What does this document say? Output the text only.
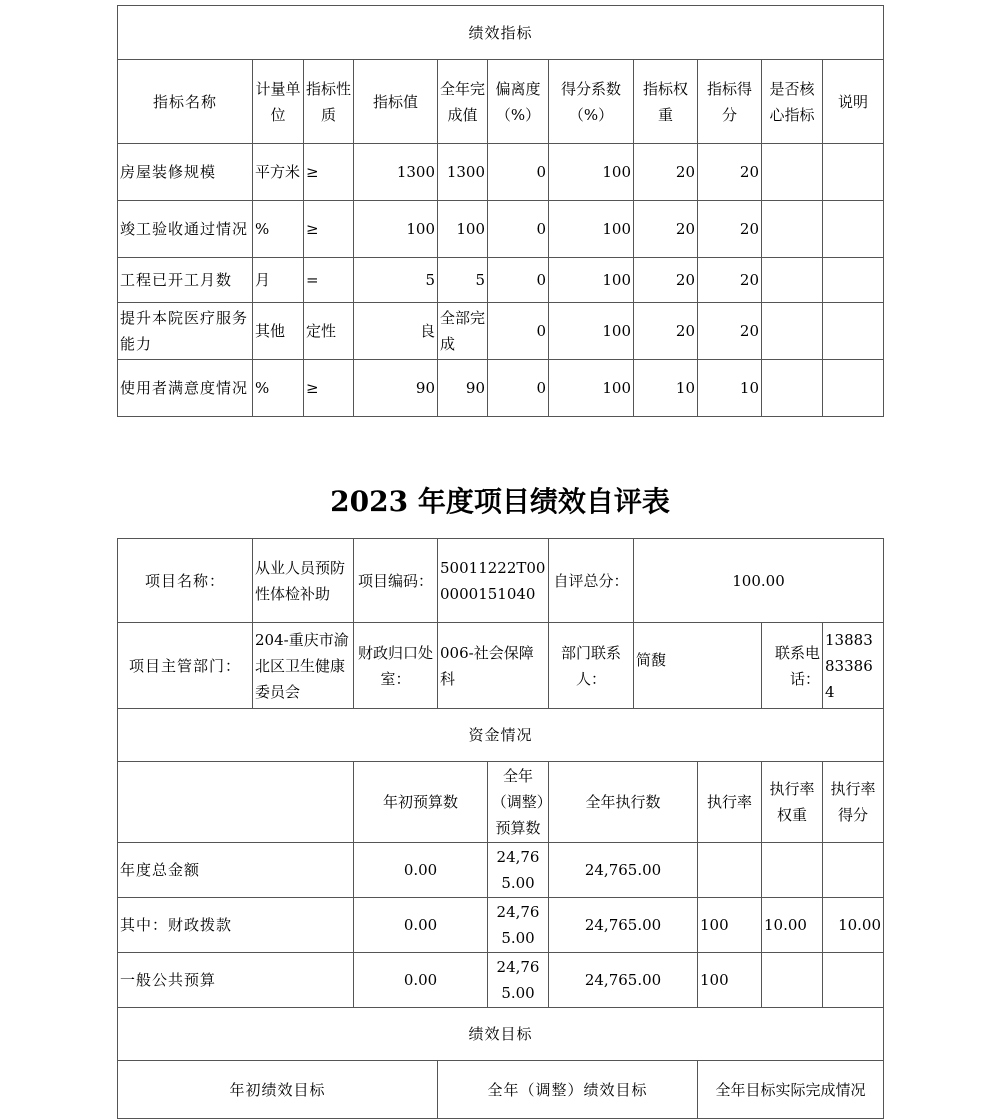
绩效指标										
指标名称	计量单位	指标性质	指标值	全年完成值	偏离度（%）	得分系数（%）	指标权重	指标得分	是否核心指标	说明
房屋装修规模	平方米	≥	1300	1300	0	100	20	20		
竣工验收通过情况	%	≥	100	100	0	100	20	20		
工程已开工月数	月	=	5	5	0	100	20	20		
提升本院医疗服务能力	其他	定性	良	全部完成	0	100	20	20		
使用者满意度情况	%	≥	90	90	0	100	10	10		
2023 年度项目绩效自评表
项目名称：	从业人员预防性体检补助	项目编码：	50011222T000000151040		自评总分：	100.00			
项目主管部门：	204-重庆市渝北区卫生健康委员会	财政归口处室：	006-社会保障科		部门联系人：	简馥		联系电话：	13883833864
资金情况									
		年初预算数		全年（调整）预算数	全年执行数		执行率	执行率权重	执行率得分
年度总金额		0.00		24,765.00	24,765.00				
其中：财政拨款		0.00		24,765.00	24,765.00		100	10.00	10.00
一般公共预算		0.00		24,765.00	24,765.00		100		
绩效目标									
年初绩效目标			全年（调整）绩效目标				全年目标实际完成情况		
